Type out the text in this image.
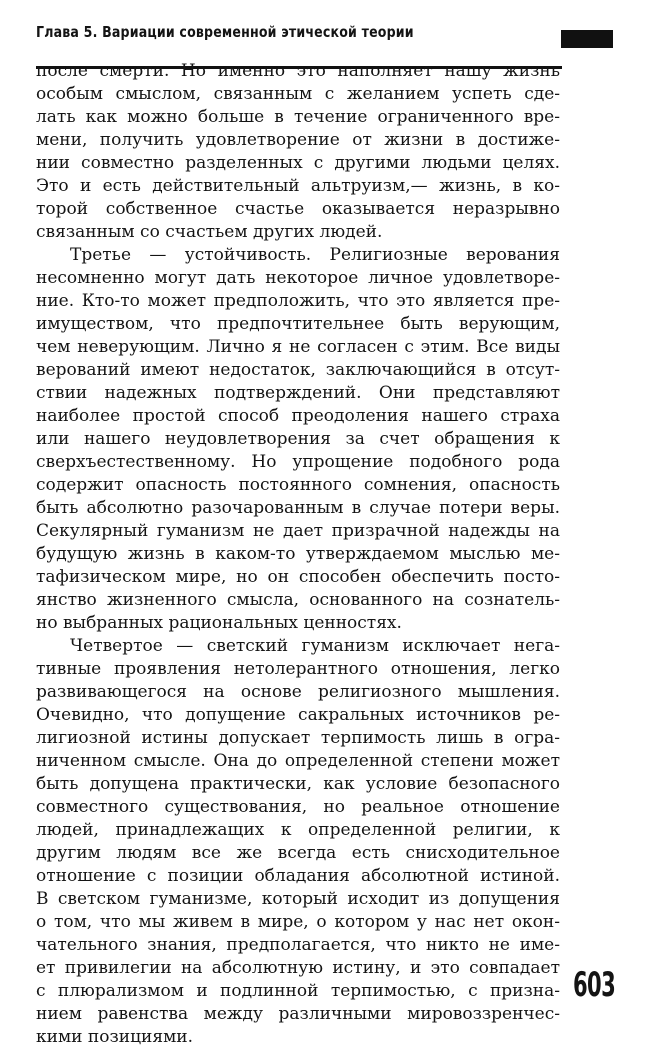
Глава 5. Вариации современной этической теории
после смерти. Но именно это наполняет нашу жизнь
особым смыслом, связанным с желанием успеть сде-
лать как можно больше в течение ограниченного вре-
мени, получить удовлетворение от жизни в достиже-
нии совместно разделенных с другими людьми целях.
Это и есть действительный альтруизм,— жизнь, в ко-
торой собственное счастье оказывается неразрывно
связанным со счастьем других людей.
Третье — устойчивость. Религиозные верования
несомненно могут дать некоторое личное удовлетворе-
ние. Кто-то может предположить, что это является пре-
имуществом, что предпочтительнее быть верующим,
чем неверующим. Лично я не согласен с этим. Все виды
верований имеют недостаток, заключающийся в отсут-
ствии надежных подтверждений. Они представляют
наиболее простой способ преодоления нашего страха
или нашего неудовлетворения за счет обращения к
сверхъестественному. Но упрощение подобного рода
содержит опасность постоянного сомнения, опасность
быть абсолютно разочарованным в случае потери веры.
Секулярный гуманизм не дает призрачной надежды на
будущую жизнь в каком-то утверждаемом мыслью ме-
тафизическом мире, но он способен обеспечить посто-
янство жизненного смысла, основанного на сознатель-
но выбранных рациональных ценностях.
Четвертое — светский гуманизм исключает нега-
тивные проявления нетолерантного отношения, легко
развивающегося на основе религиозного мышления.
Очевидно, что допущение сакральных источников ре-
лигиозной истины допускает терпимость лишь в огра-
ниченном смысле. Она до определенной степени может
быть допущена практически, как условие безопасного
совместного существования, но реальное отношение
людей, принадлежащих к определенной религии, к
другим людям все же всегда есть снисходительное
отношение с позиции обладания абсолютной истиной.
В светском гуманизме, который исходит из допущения
о том, что мы живем в мире, о котором у нас нет окон-
чательного знания, предполагается, что никто не име-
ет привилегии на абсолютную истину, и это совпадает
с плюрализмом и подлинной терпимостью, с призна-
нием равенства между различными мировоззренчес-
кими позициями.
603
